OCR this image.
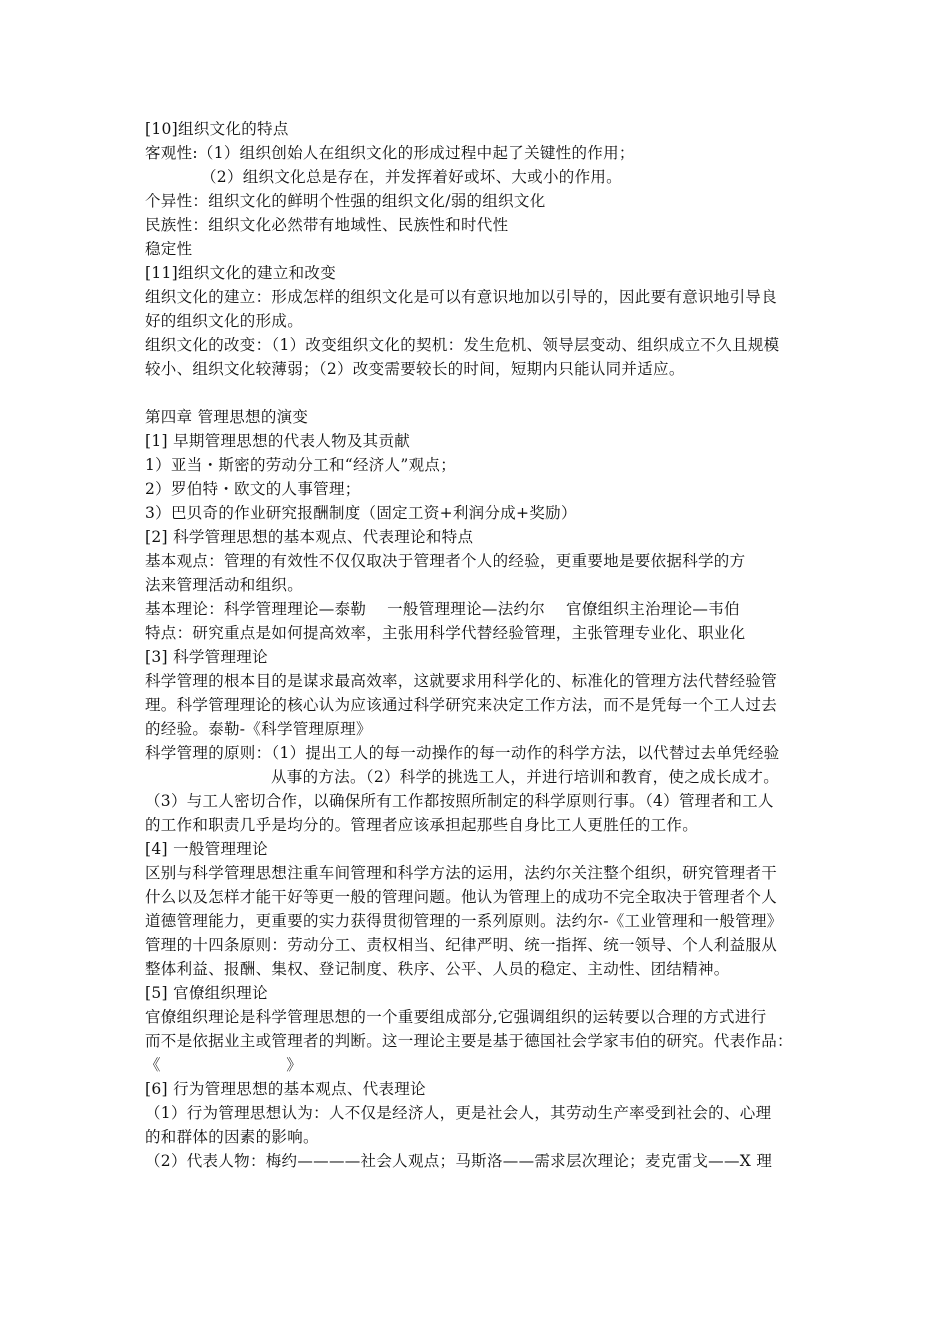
[10]组织文化的特点
客观性:（1）组织创始人在组织文化的形成过程中起了关键性的作用；
（2）组织文化总是存在，并发挥着好或坏、大或小的作用。
个异性：组织文化的鲜明个性强的组织文化/弱的组织文化
民族性：组织文化必然带有地域性、民族性和时代性
稳定性
[11]组织文化的建立和改变
组织文化的建立：形成怎样的组织文化是可以有意识地加以引导的，因此要有意识地引导良
好的组织文化的形成。
组织文化的改变：（1）改变组织文化的契机：发生危机、领导层变动、组织成立不久且规模
较小、组织文化较薄弱；（2）改变需要较长的时间，短期内只能认同并适应。
第四章 管理思想的演变
[1] 早期管理思想的代表人物及其贡献
1）亚当・斯密的劳动分工和“经济人”观点；
2）罗伯特・欧文的人事管理；
3）巴贝奇的作业研究报酬制度（固定工资+利润分成+奖励）
[2] 科学管理思想的基本观点、代表理论和特点
基本观点：管理的有效性不仅仅取决于管理者个人的经验，更重要地是要依据科学的方
法来管理活动和组织。
基本理论：科学管理理论—泰勒    一般管理理论—法约尔    官僚组织主治理论—韦伯
特点：研究重点是如何提高效率，主张用科学代替经验管理，主张管理专业化、职业化
[3] 科学管理理论
科学管理的根本目的是谋求最高效率，这就要求用科学化的、标准化的管理方法代替经验管
理。科学管理理论的核心认为应该通过科学研究来决定工作方法，而不是凭每一个工人过去
的经验。泰勒-《科学管理原理》
科学管理的原则：（1）提出工人的每一动操作的每一动作的科学方法，以代替过去单凭经验
从事的方法。（2）科学的挑选工人，并进行培训和教育，使之成长成才。
（3）与工人密切合作，以确保所有工作都按照所制定的科学原则行事。（4）管理者和工人
的工作和职责几乎是均分的。管理者应该承担起那些自身比工人更胜任的工作。
[4] 一般管理理论
区别与科学管理思想注重车间管理和科学方法的运用，法约尔关注整个组织，研究管理者干
什么以及怎样才能干好等更一般的管理问题。他认为管理上的成功不完全取决于管理者个人
道德管理能力，更重要的实力获得贯彻管理的一系列原则。法约尔-《工业管理和一般管理》
管理的十四条原则：劳动分工、责权相当、纪律严明、统一指挥、统一领导、个人利益服从
整体利益、报酬、集权、登记制度、秩序、公平、人员的稳定、主动性、团结精神。
[5] 官僚组织理论
官僚组织理论是科学管理思想的一个重要组成部分,它强调组织的运转要以合理的方式进行
而不是依据业主或管理者的判断。这一理论主要是基于德国社会学家韦伯的研究。代表作品：
《                        》
[6] 行为管理思想的基本观点、代表理论
（1）行为管理思想认为：人不仅是经济人，更是社会人，其劳动生产率受到社会的、心理
的和群体的因素的影响。
（2）代表人物：梅约————社会人观点；马斯洛——需求层次理论；麦克雷戈——X 理
